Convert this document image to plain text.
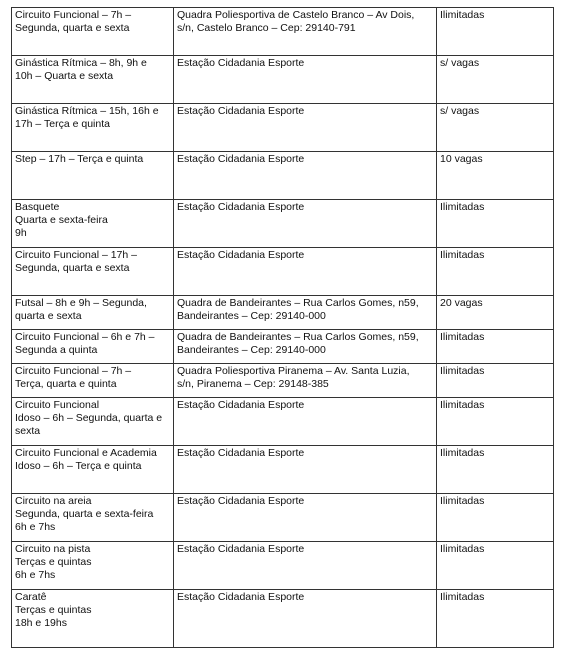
Circuito Funcional – 7h –
Segunda, quarta e sexta	Quadra Poliesportiva de Castelo Branco – Av Dois,
s/n, Castelo Branco – Cep: 29140-791	Ilimitadas
Ginástica Rítmica – 8h, 9h e
10h – Quarta e sexta	Estação Cidadania Esporte	s/ vagas
Ginástica Rítmica – 15h, 16h e
17h – Terça e quinta	Estação Cidadania Esporte	s/ vagas
Step – 17h – Terça e quinta	Estação Cidadania Esporte	10 vagas
Basquete
Quarta e sexta-feira
9h	Estação Cidadania Esporte	Ilimitadas
Circuito Funcional – 17h –
Segunda, quarta e sexta	Estação Cidadania Esporte	Ilimitadas
Futsal – 8h e 9h – Segunda,
quarta e sexta	Quadra de Bandeirantes – Rua Carlos Gomes, n59,
Bandeirantes – Cep: 29140-000	20 vagas
Circuito Funcional – 6h e 7h –
Segunda a quinta	Quadra de Bandeirantes – Rua Carlos Gomes, n59,
Bandeirantes – Cep: 29140-000	Ilimitadas
Circuito Funcional – 7h –
Terça, quarta e quinta	Quadra Poliesportiva Piranema – Av. Santa Luzia,
s/n, Piranema – Cep: 29148-385	Ilimitadas
Circuito Funcional
Idoso – 6h – Segunda, quarta e
sexta	Estação Cidadania Esporte	Ilimitadas
Circuito Funcional e Academia
Idoso – 6h – Terça e quinta	Estação Cidadania Esporte	Ilimitadas
Circuito na areia
Segunda, quarta e sexta-feira
6h e 7hs	Estação Cidadania Esporte	Ilimitadas
Circuito na pista
Terças e quintas
6h e 7hs	Estação Cidadania Esporte	Ilimitadas
Caratê
Terças e quintas
18h e 19hs	Estação Cidadania Esporte	Ilimitadas
